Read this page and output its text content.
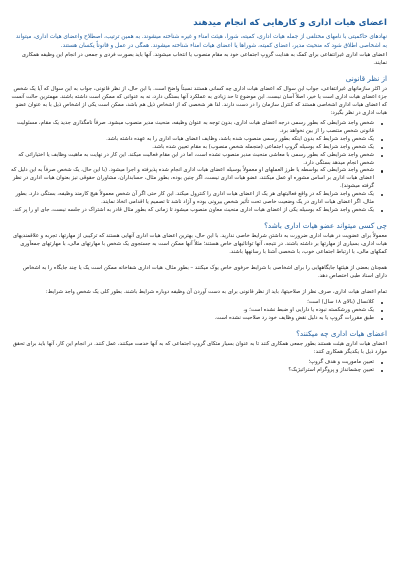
اعضای هیات اداری و کارهایی که انجام میدهند

نهادهای حاکمیتی با نامهای مختلفی از جمله هیات اداری، کمیته، شورا، هیئت امناء و غیره شناخته میشوند. به همین ترتیب، اصطلاح واعضای هیات اداری، میتواند به اشخاصی اطلاق شود که منحیث مدیر، اعضای کمیته، شوراها یا اعضای هیات امناء شناخته میشوند. همگی در عمل و قانوناً یکسان هستند.

اعضای هیات اداری غیرانتفاعی برای کمک به هدایت گروپ اجتماعی خود به مقام منصوب یا انتخاب میشوند. آنها باید بصورت فردی و جمعی در انجام این وظیفه همکاری نمایند.

از نظر قانونی

در اکثر سازمانهای غیرانتفاعی، جواب این سوال که اعضای هیات اداری چه کسانی هستند نسبتاً واضح است. با این حال، از نظر قانونی، جواب به این سوال که آیا یک شخص جزء اعضای هیات اداری است یا خیر، اصلاً آسان نیست. این موضوع تا حد زیادی به عملکرد آنها بستگی دارد، نه به عنوانی که ممکن است داشته باشند. مهمترین حالت آنست که اعضای هیات اداری اشخاصی هستند که کنترل سازمان را در دست دارند. لذا هر شخصی که از اشخاص ذیل هم باشد، ممکن است یکی از اشخاص ذیل با به عنوان عضو هیات اداری در نظر بگیرد:

شخص واجد شرایطی که بطور رسمی درجه اعضای هیات اداری، بدون توجه به عنوان وظیفه، منحیث مدیر منصوب میشود. صرفاً نامگذاری جدید یک مقام، مسئولیت قانونی شخص منتصب را از بین نخواهد برد.
یک شخص واجد شرایط که بدون اینکه بطور رسمی منصوب شده باشد، وظایف اعضای هیات اداری را به عهده داشته باشد.
یک شخص واجد شرایط که بوسیله گروپ اجتماعی (منجمله شخص منصوب) به مقام تعیین شده باشد.
شخص واجد شرایطی که بطور رسمی با معاشی منحیث مدیر منصوب نشده است، اما در این مقام فعالیت میکند. این کار در نهایت به ماهیت وظایف یا اختیاراتی که شخص انجام میدهد بستگی دارد.
شخص واجد شرایطی که بواسطه یا طرز العملهای او معمولاً بوسیله اعضای هیات اداری انجام شده پذیرفته و اجرا میشود. (با این حال، یک شخص صرفاً به این دلیل که اعضای هیات اداری بر اساس مشوره او عمل میکنند، عضو هیات اداری نیست، اگر چنین بوده، بطور مثال، حسابداران، مشاوران حقوقی نیز بعنوان هیات اداری در نظر گرفته میشوند).
یک شخص واجد شرایط که در واقع فعالیتهای هر یک از اعضای هیات اداری را کنترول میکند. این کار حتی اگر آن شخص معمولاً هیچ کارمند وظیفه، بستگی دارد. بطور مثال، اگر اعضای هیات اداری در یک وضعیت خاصی تحت تأثیر شخص بیرونی بوده و آزاد ناشد تا تصمیم یا اقدامی اتخاذ نمایند.
یک شخص واجد شرایط که بوسیله یکی از اعضای هیات اداری منحیث معاون منصوب میشود تا زمانی که بطور مثال قادر به اشتراک در جلسه نیست، جای او را پر کند.
چی کسی میتواند عضو هیات اداری باشد؟

معمولاً برای عضویت در هیات اداری ضرورت به داشتن شرایط خاصی ندارید. با این حال، بهترین اعضای هیات اداری آنهایی هستند که ترکیبی از مهارتها، تجربه و علاقمندیهای هیات اداری، بسیاری از مهارتها بر داشته باشند. در نتیجه، آنها توانائیهای خاص هستند؛ مثلاً آنها ممکن است به جستجوی یک شخص با مهارتهای مالی، با مهارتهای جمعآوری کمکهای مالی، با ارتباط اجتماعی خوب، با شخصی آشنا با رسانهها باشند.

همچنان بعضی از هیئتها جایگاههایی را برای اشخاصی با شرایط حرفوی خاص یوک میکنند – بطور مثال، هیات اداری شفاخانه ممکن است یک یا چند جایگاه را به اشخاص دارای اسناد طبی اختصاص دهد.

تمام اعضای هیات اداری، صرف نظر از صلاحیتها، باید از نظر قانونی برای به دست آوردن آن وظیفه دوباره شرایط باشند. بطور کلی یک شخص واجد شرایط:

کلانسال (بالای ۱۸ سال) است؛
یک شخص ورشکسته نبوده یا دارایی او ضبط نشده است؛ و،
طبق مقررات گروپ یا به دلیل نقض وظایف خود رد صلاحیت نشده است.
اعضای هیات اداری چه میکنند؟

اعضای هیات اداری هیئت هستند بطور جمعی همکاری کنند تا به عنوان بسیار متکای گروپ اجتماعی که به آنها خدمت میکنند، عمل کنند. در انجام این کار، آنها باید برای تحقق موارد ذیل با یکدیگر همکاری کنند:

تعیین ماموریت و هدف گروپ؛
تعیین چشمانداز و پروگرام استراتیژیک؟
